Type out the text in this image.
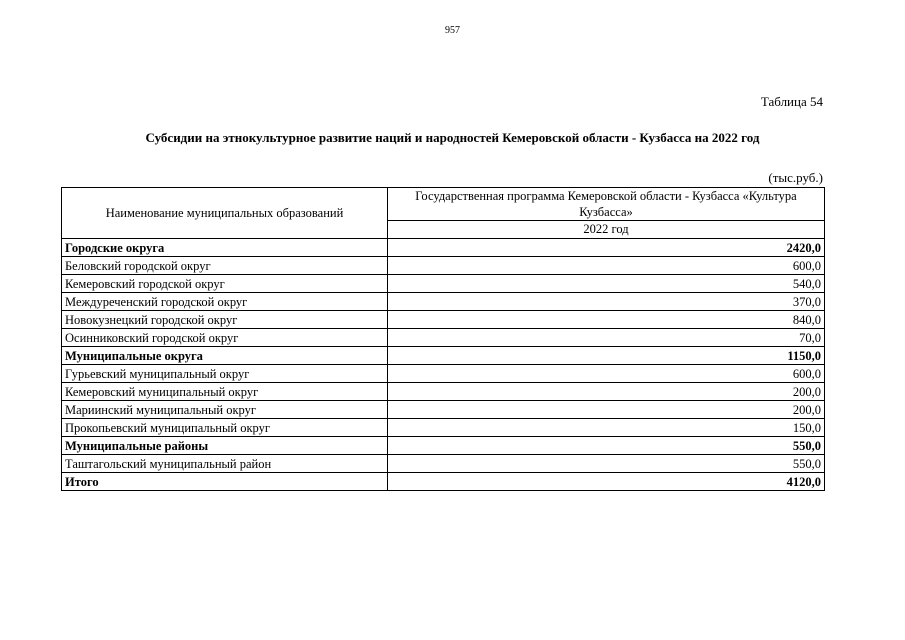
957
Таблица 54
Субсидии на этнокультурное развитие наций и народностей Кемеровской области - Кузбасса на 2022 год
(тыс.руб.)
Наименование муниципальных образований	Государственная программа Кемеровской области - Кузбасса «Культура Кузбасса»
	2022 год
Городские округа	2420,0
Беловский городской округ	600,0
Кемеровский городской округ	540,0
Междуреченский городской округ	370,0
Новокузнецкий городской округ	840,0
Осинниковский городской округ	70,0
Муниципальные округа	1150,0
Гурьевский муниципальный округ	600,0
Кемеровский муниципальный округ	200,0
Мариинский муниципальный округ	200,0
Прокопьевский муниципальный округ	150,0
Муниципальные районы	550,0
Таштагольский муниципальный район	550,0
Итого	4120,0
